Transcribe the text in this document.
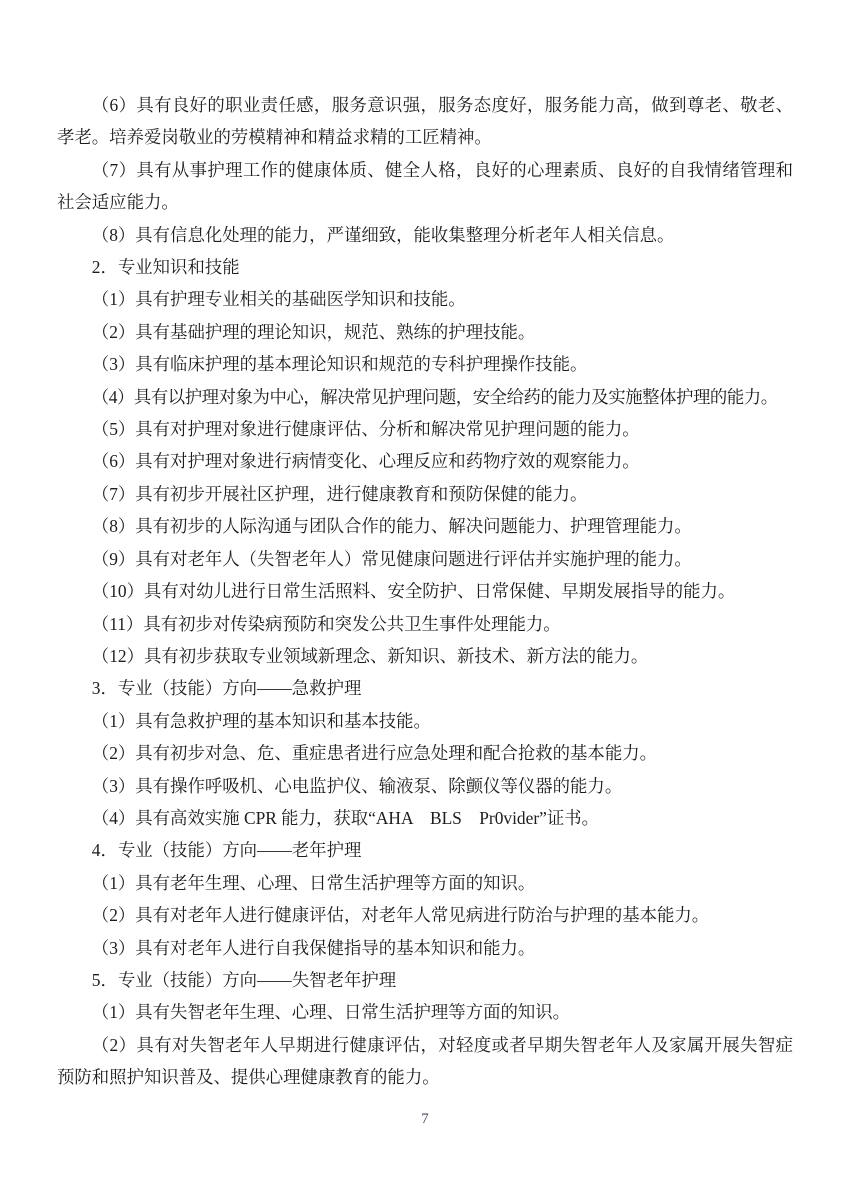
（6）具有良好的职业责任感，服务意识强，服务态度好，服务能力高，做到尊老、敬老、孝老。培养爱岗敬业的劳模精神和精益求精的工匠精神。

（7）具有从事护理工作的健康体质、健全人格，良好的心理素质、良好的自我情绪管理和社会适应能力。

（8）具有信息化处理的能力，严谨细致，能收集整理分析老年人相关信息。

2．专业知识和技能

（1）具有护理专业相关的基础医学知识和技能。

（2）具有基础护理的理论知识，规范、熟练的护理技能。

（3）具有临床护理的基本理论知识和规范的专科护理操作技能。

（4）具有以护理对象为中心，解决常见护理问题，安全给药的能力及实施整体护理的能力。

（5）具有对护理对象进行健康评估、分析和解决常见护理问题的能力。

（6）具有对护理对象进行病情变化、心理反应和药物疗效的观察能力。

（7）具有初步开展社区护理，进行健康教育和预防保健的能力。

（8）具有初步的人际沟通与团队合作的能力、解决问题能力、护理管理能力。

（9）具有对老年人（失智老年人）常见健康问题进行评估并实施护理的能力。

（10）具有对幼儿进行日常生活照料、安全防护、日常保健、早期发展指导的能力。

（11）具有初步对传染病预防和突发公共卫生事件处理能力。

（12）具有初步获取专业领域新理念、新知识、新技术、新方法的能力。

3．专业（技能）方向——急救护理

（1）具有急救护理的基本知识和基本技能。

（2）具有初步对急、危、重症患者进行应急处理和配合抢救的基本能力。

（3）具有操作呼吸机、心电监护仪、输液泵、除颤仪等仪器的能力。

（4）具有高效实施 CPR 能力，获取“AHA　BLS　Pr0vider”证书。

4．专业（技能）方向——老年护理

（1）具有老年生理、心理、日常生活护理等方面的知识。

（2）具有对老年人进行健康评估，对老年人常见病进行防治与护理的基本能力。

（3）具有对老年人进行自我保健指导的基本知识和能力。

5．专业（技能）方向——失智老年护理

（1）具有失智老年生理、心理、日常生活护理等方面的知识。

（2）具有对失智老年人早期进行健康评估，对轻度或者早期失智老年人及家属开展失智症预防和照护知识普及、提供心理健康教育的能力。

7
